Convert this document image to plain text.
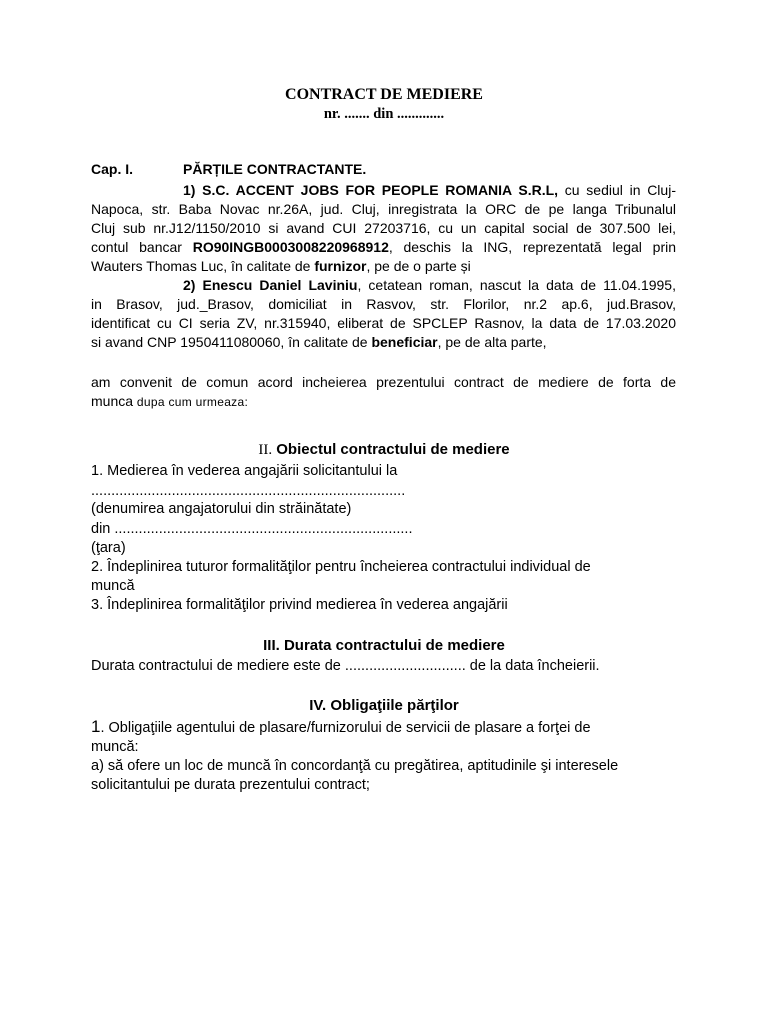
CONTRACT DE MEDIERE
nr. ....... din .............
Cap. I.	PĂRȚILE CONTRACTANTE.
1) S.C. ACCENT JOBS FOR PEOPLE ROMANIA S.R.L, cu sediul in Cluj-
Napoca, str. Baba Novac nr.26A, jud. Cluj, inregistrata la ORC de pe langa Tribunalul
Cluj sub nr.J12/1150/2010 si avand CUI 27203716, cu un capital social de 307.500 lei,
contul bancar RO90INGB0003008220968912, deschis la ING, reprezentată legal prin
Wauters Thomas Luc, în calitate de furnizor, pe de o parte și
2) Enescu Daniel Laviniu, cetatean roman, nascut la data de 11.04.1995,
in Brasov, jud._Brasov, domiciliat in Rasvov, str. Florilor, nr.2 ap.6, jud.Brasov,
identificat cu CI seria ZV, nr.315940, eliberat de SPCLEP Rasnov, la data de 17.03.2020
si avand CNP 1950411080060, în calitate de beneficiar, pe de alta parte,
am convenit de comun acord incheierea prezentului contract de mediere de forta de
munca dupa cum urmeaza:
II. Obiectul contractului de mediere
1. Medierea în vederea angajării solicitantului la
..............................................................................
(denumirea angajatorului din străinătate)
din ..........................................................................
(ţara)
2. Îndeplinirea tuturor formalităţilor pentru încheierea contractului individual de
muncă
3. Îndeplinirea formalităţilor privind medierea în vederea angajării
III. Durata contractului de mediere
Durata contractului de mediere este de .............................. de la data încheierii.
IV. Obligaţiile părţilor
1. Obligaţiile agentului de plasare/furnizorului de servicii de plasare a forţei de
muncă:
a) să ofere un loc de muncă în concordanţă cu pregătirea, aptitudinile şi interesele
solicitantului pe durata prezentului contract;
